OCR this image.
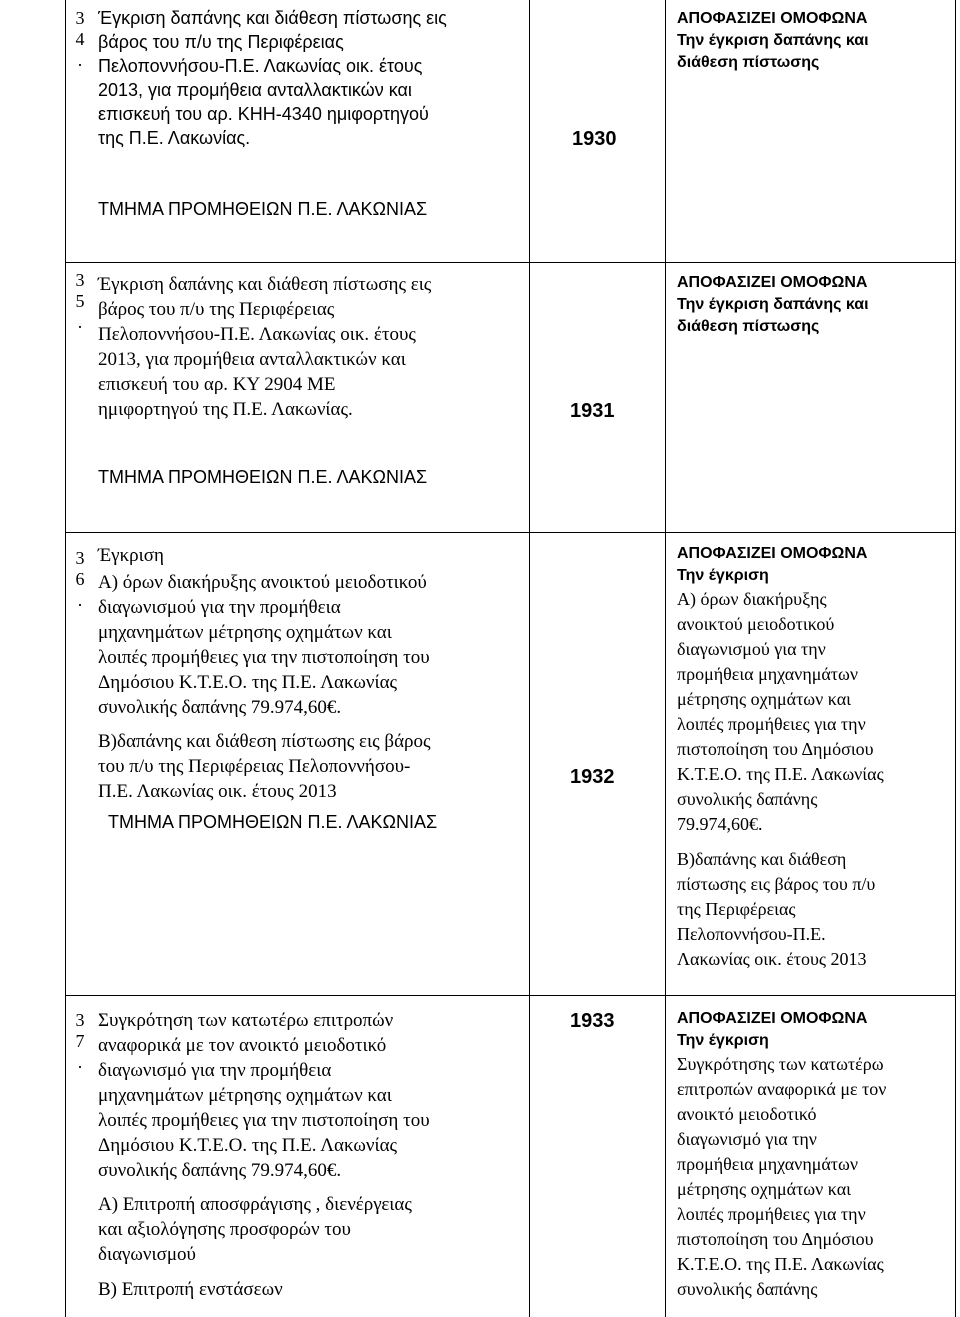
3
4
.
Έγκριση δαπάνης και διάθεση πίστωσης εις
βάρος του π/υ της Περιφέρειας
Πελοποννήσου-Π.Ε. Λακωνίας οικ. έτους
2013, για προμήθεια ανταλλακτικών και
επισκευή του αρ. ΚΗΗ-4340 ημιφορτηγού
της Π.Ε. Λακωνίας.
ΤΜΗΜΑ ΠΡΟΜΗΘΕΙΩΝ Π.Ε. ΛΑΚΩΝΙΑΣ
1930
ΑΠΟΦΑΣΙΖΕΙ ΟΜΟΦΩΝΑ
Την έγκριση δαπάνης και
διάθεση πίστωσης
3
5
.
Έγκριση δαπάνης και διάθεση πίστωσης εις
βάρος του π/υ της Περιφέρειας
Πελοποννήσου-Π.Ε. Λακωνίας οικ. έτους
2013, για προμήθεια ανταλλακτικών και
επισκευή του αρ. ΚΥ 2904 ΜΕ
ημιφορτηγού της Π.Ε. Λακωνίας.
ΤΜΗΜΑ ΠΡΟΜΗΘΕΙΩΝ Π.Ε. ΛΑΚΩΝΙΑΣ
1931
ΑΠΟΦΑΣΙΖΕΙ ΟΜΟΦΩΝΑ
Την έγκριση δαπάνης και
διάθεση πίστωσης
3
6
.
Έγκριση
Α) όρων διακήρυξης ανοικτού μειοδοτικού
διαγωνισμού για την προμήθεια
μηχανημάτων μέτρησης οχημάτων και
λοιπές προμήθειες για την πιστοποίηση του
Δημόσιου Κ.Τ.Ε.Ο. της Π.Ε. Λακωνίας
συνολικής δαπάνης 79.974,60€.
Β)δαπάνης και διάθεση πίστωσης εις βάρος
του π/υ της Περιφέρειας Πελοποννήσου-
Π.Ε. Λακωνίας οικ. έτους 2013
ΤΜΗΜΑ ΠΡΟΜΗΘΕΙΩΝ Π.Ε. ΛΑΚΩΝΙΑΣ
1932
ΑΠΟΦΑΣΙΖΕΙ ΟΜΟΦΩΝΑ
Την έγκριση
Α) όρων διακήρυξης
ανοικτού μειοδοτικού
διαγωνισμού για την
προμήθεια μηχανημάτων
μέτρησης οχημάτων και
λοιπές προμήθειες για την
πιστοποίηση του Δημόσιου
Κ.Τ.Ε.Ο. της Π.Ε. Λακωνίας
συνολικής δαπάνης
79.974,60€.
Β)δαπάνης και διάθεση
πίστωσης εις βάρος του π/υ
της Περιφέρειας
Πελοποννήσου-Π.Ε.
Λακωνίας οικ. έτους 2013
3
7
.
Συγκρότηση των κατωτέρω επιτροπών
αναφορικά με τον ανοικτό μειοδοτικό
διαγωνισμό για την προμήθεια
μηχανημάτων μέτρησης οχημάτων και
λοιπές προμήθειες για την πιστοποίηση του
Δημόσιου Κ.Τ.Ε.Ο. της Π.Ε. Λακωνίας
συνολικής δαπάνης 79.974,60€.
Α) Επιτροπή αποσφράγισης , διενέργειας
και αξιολόγησης προσφορών του
διαγωνισμού
Β) Επιτροπή ενστάσεων
1933	ΑΠΟΦΑΣΙΖΕΙ ΟΜΟΦΩΝΑ
Την έγκριση
Συγκρότησης των κατωτέρω
επιτροπών αναφορικά με τον
ανοικτό μειοδοτικό
διαγωνισμό για την
προμήθεια μηχανημάτων
μέτρησης οχημάτων και
λοιπές προμήθειες για την
πιστοποίηση του Δημόσιου
Κ.Τ.Ε.Ο. της Π.Ε. Λακωνίας
συνολικής δαπάνης
